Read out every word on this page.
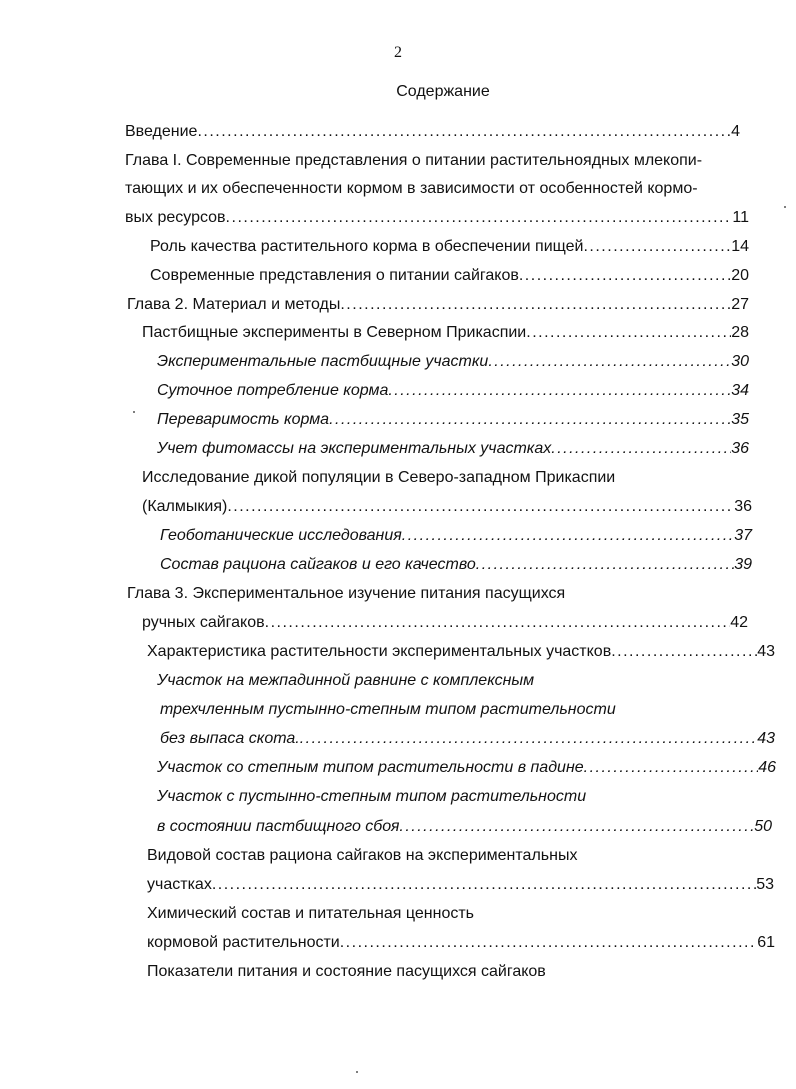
2
Содержание
Введение .....	4
Глава I. Современные представления о питании растительноядных млекопи-
тающих и их обеспеченности кормом в зависимости от особенностей кормо-
вых ресурсов .....	11
Роль качества растительного корма в обеспечении пищей .....	14
Современные представления о питании сайгаков .....	20
Глава 2. Материал и методы .....	27
Пастбищные эксперименты в Северном Прикаспии .....	28
Экспериментальные пастбищные участки .....	30
Суточное потребление корма .....	34
Переваримость корма .....	35
Учет фитомассы на экспериментальных участках .....	36
Исследование дикой популяции в Северо-западном Прикаспии
(Калмыкия) .....	36
Геоботанические исследования .....	37
Состав рациона сайгаков и его качество .....	39
Глава 3. Экспериментальное изучение питания пасущихся
ручных сайгаков .....	42
Характеристика растительности экспериментальных участков .....	43
Участок на межпадинной равнине с комплексным
трехчленным пустынно-степным типом растительности
без выпаса скота. .....	43
Участок со степным типом растительности в падине .....	46
Участок с пустынно-степным типом растительности
в состоянии пастбищного сбоя .....	50
Видовой состав рациона сайгаков на экспериментальных
участках .....	53
Химический состав и питательная ценность
кормовой растительности .....	61
Показатели питания и состояние пасущихся сайгаков
